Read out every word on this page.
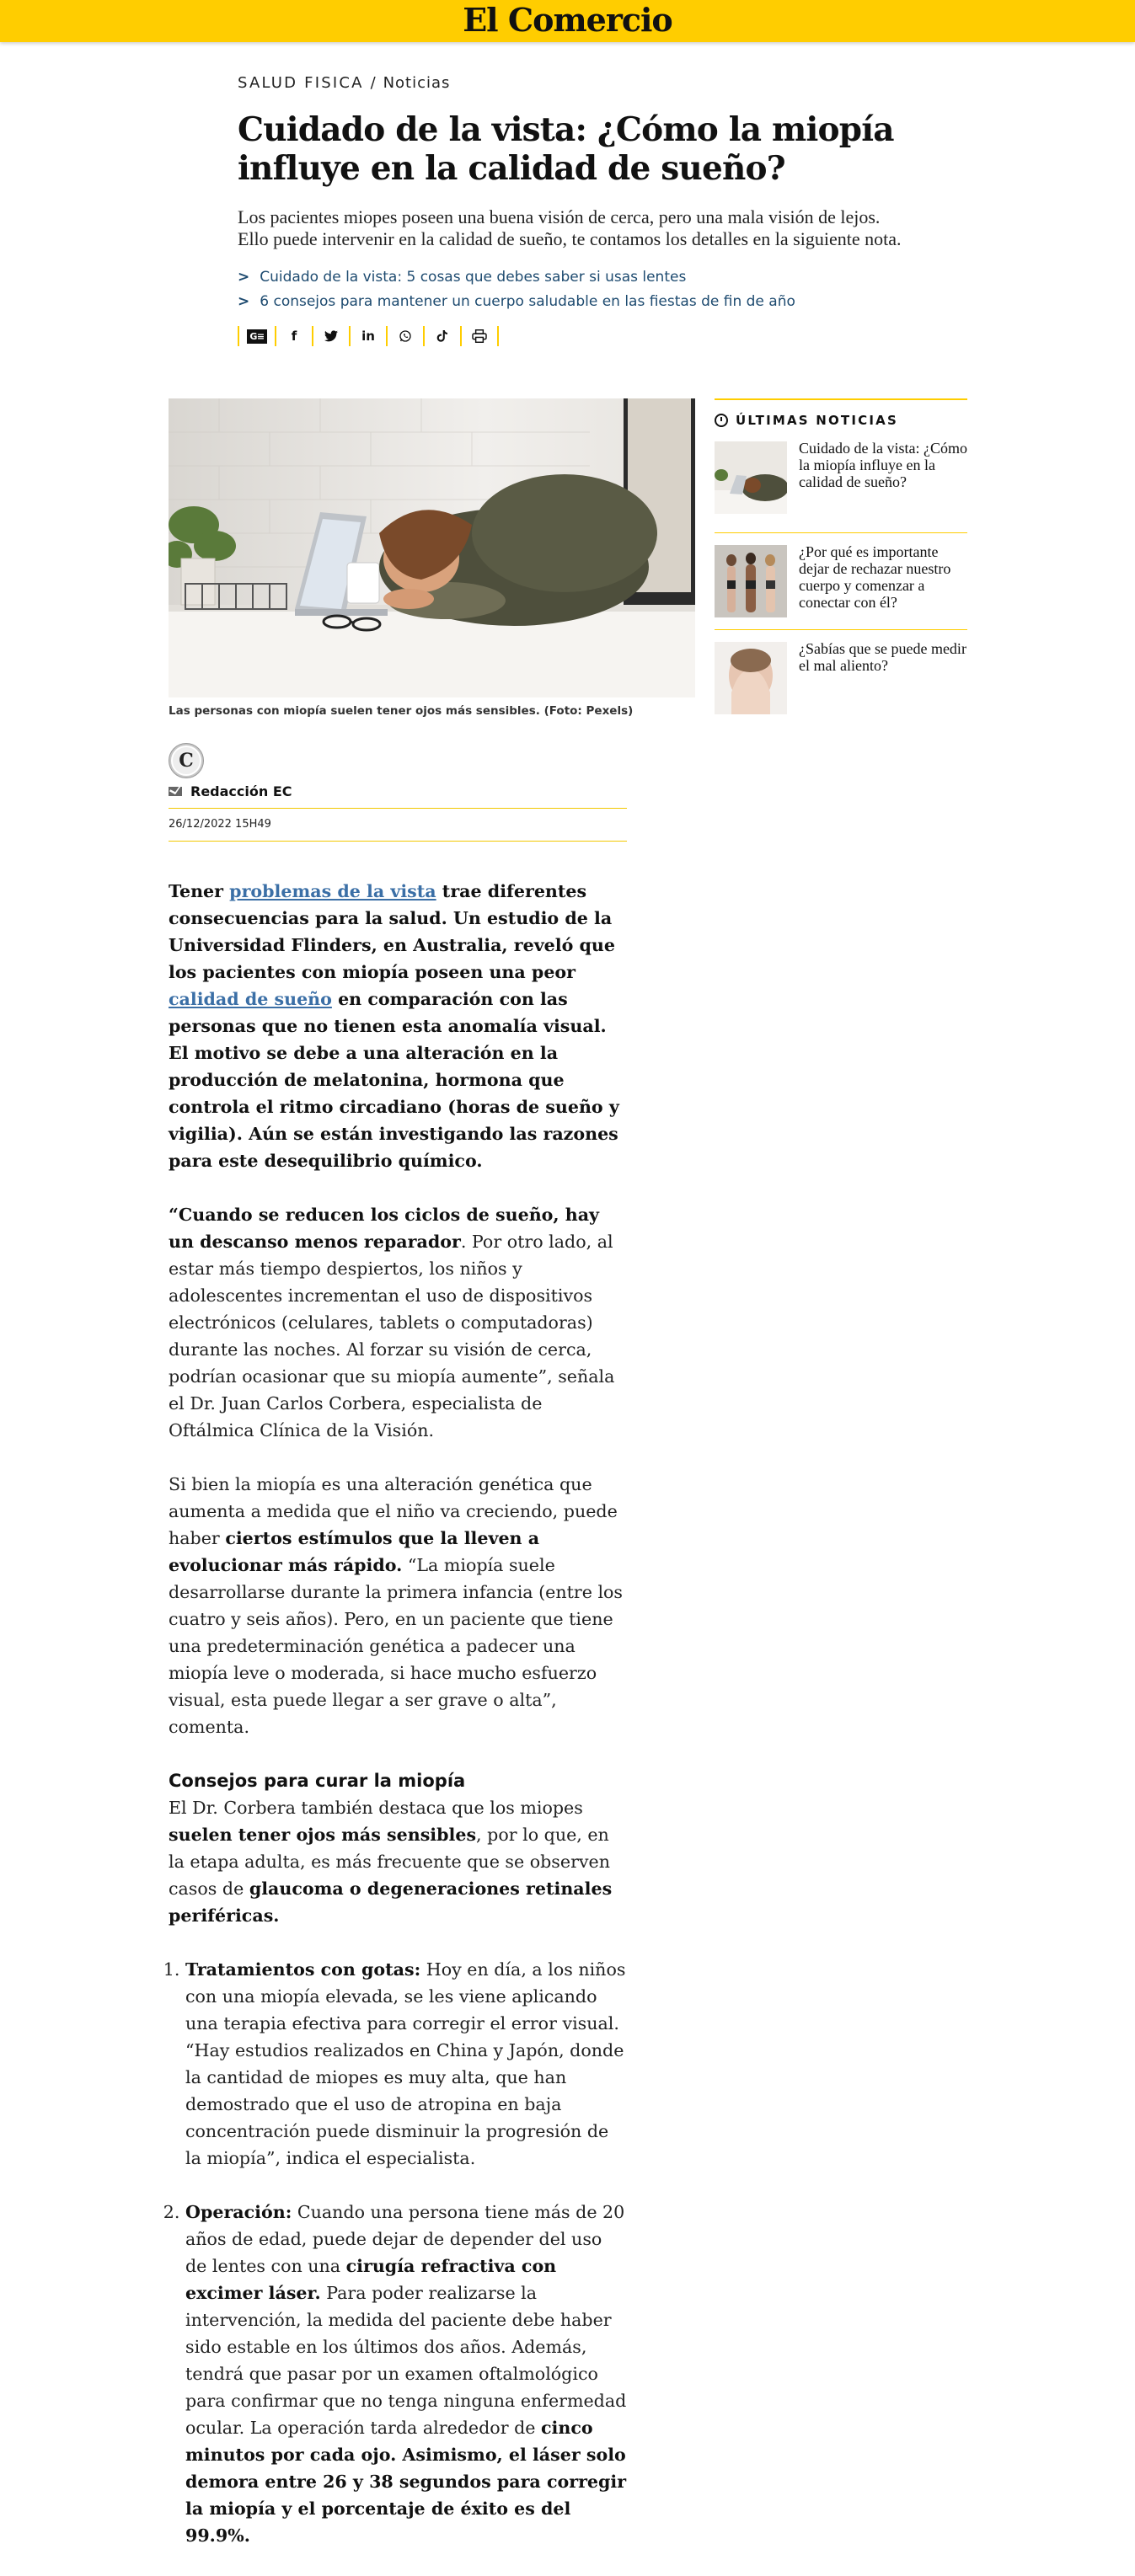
El Comercio
SALUD FISICA / Noticias
Cuidado de la vista: ¿Cómo la miopía influye en la calidad de sueño?
Los pacientes miopes poseen una buena visión de cerca, pero una mala visión de lejos. Ello puede intervenir en la calidad de sueño, te contamos los detalles en la siguiente nota.
> Cuidado de la vista: 5 cosas que debes saber si usas lentes
> 6 consejos para mantener un cuerpo saludable en las fiestas de fin de año
G≡ f	in
Las personas con miopía suelen tener ojos más sensibles. (Foto: Pexels)
C
Redacción EC
26/12/2022 15H49

Tener problemas de la vista trae diferentes consecuencias para la salud. Un estudio de la Universidad Flinders, en Australia, reveló que los pacientes con miopía poseen una peor calidad de sueño en comparación con las personas que no tienen esta anomalía visual. El motivo se debe a una alteración en la producción de melatonina, hormona que controla el ritmo circadiano (horas de sueño y vigilia). Aún se están investigando las razones para este desequilibrio químico.

“Cuando se reducen los ciclos de sueño, hay un descanso menos reparador. Por otro lado, al estar más tiempo despiertos, los niños y adolescentes incrementan el uso de dispositivos electrónicos (celulares, tablets o computadoras) durante las noches. Al forzar su visión de cerca, podrían ocasionar que su miopía aumente”, señala el Dr. Juan Carlos Corbera, especialista de Oftálmica Clínica de la Visión.

Si bien la miopía es una alteración genética que aumenta a medida que el niño va creciendo, puede haber ciertos estímulos que la lleven a evolucionar más rápido. “La miopía suele desarrollarse durante la primera infancia (entre los cuatro y seis años). Pero, en un paciente que tiene una predeterminación genética a padecer una miopía leve o moderada, si hace mucho esfuerzo visual, esta puede llegar a ser grave o alta”, comenta.

Consejos para curar la miopía

El Dr. Corbera también destaca que los miopes suelen tener ojos más sensibles, por lo que, en la etapa adulta, es más frecuente que se observen casos de glaucoma o degeneraciones retinales periféricas.

1. Tratamientos con gotas: Hoy en día, a los niños con una miopía elevada, se les viene aplicando una terapia efectiva para corregir el error visual. “Hay estudios realizados en China y Japón, donde la cantidad de miopes es muy alta, que han demostrado que el uso de atropina en baja concentración puede disminuir la progresión de la miopía”, indica el especialista.
2. Operación: Cuando una persona tiene más de 20 años de edad, puede dejar de depender del uso de lentes con una cirugía refractiva con excimer láser. Para poder realizarse la intervención, la medida del paciente debe haber sido estable en los últimos dos años. Además, tendrá que pasar por un examen oftalmológico para confirmar que no tenga ninguna enfermedad ocular. La operación tarda alrededor de cinco minutos por cada ojo. Asimismo, el láser solo demora entre 26 y 38 segundos para corregir la miopía y el porcentaje de éxito es del 99.9%.
ÚLTIMAS NOTICIAS
Cuidado de la vista: ¿Cómo la miopía influye en la calidad de sueño?
¿Por qué es importante dejar de rechazar nuestro cuerpo y comenzar a conectar con él?
¿Sabías que se puede medir el mal aliento?
